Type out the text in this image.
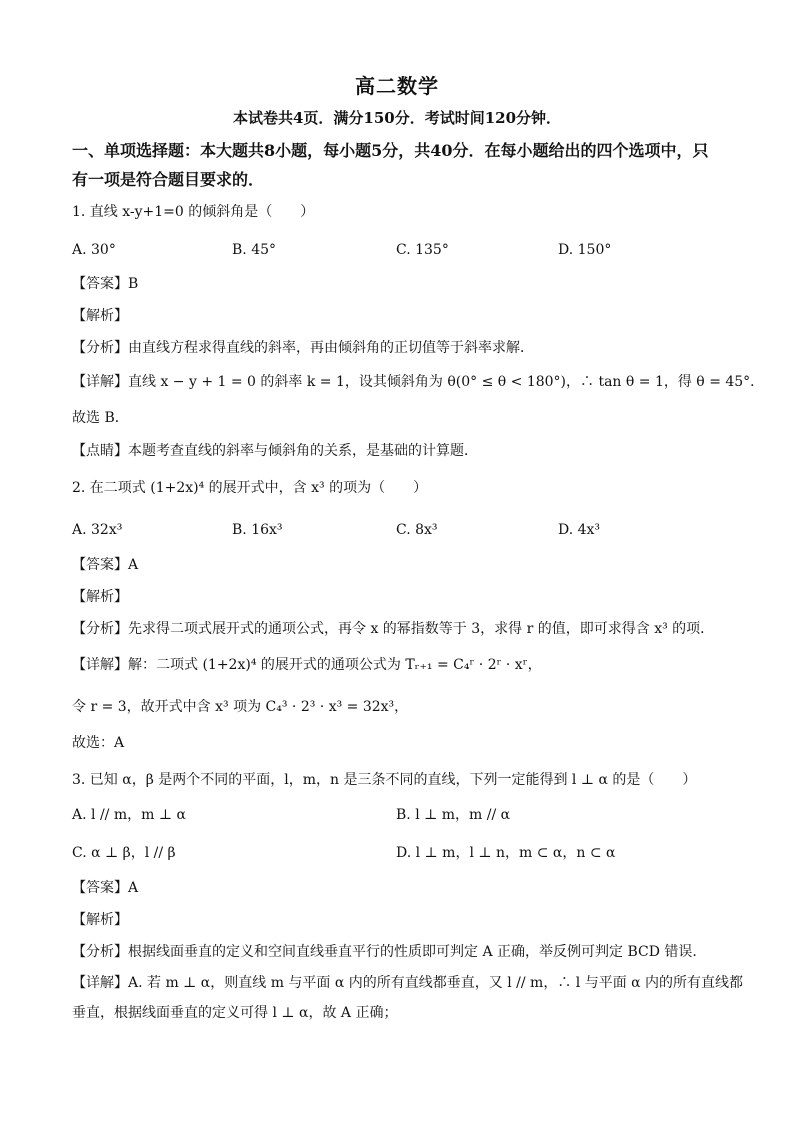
高二数学
本试卷共4页．满分150分．考试时间120分钟．
一、单项选择题：本大题共8小题，每小题5分，共40分．在每小题给出的四个选项中，只
有一项是符合题目要求的．
1. 直线 x-y+1=0 的倾斜角是（　　）
A. 30°	B. 45°	C. 135°	D. 150°
【答案】B
【解析】
【分析】由直线方程求得直线的斜率，再由倾斜角的正切值等于斜率求解．
【详解】直线 x − y + 1 = 0 的斜率 k = 1，设其倾斜角为 θ(0° ≤ θ < 180°)，∴ tan θ = 1，得 θ = 45°．
故选 B．
【点睛】本题考查直线的斜率与倾斜角的关系，是基础的计算题．
2. 在二项式 (1+2x)⁴ 的展开式中，含 x³ 的项为（　　）
A. 32x³	B. 16x³	C. 8x³	D. 4x³
【答案】A
【解析】
【分析】先求得二项式展开式的通项公式，再令 x 的幂指数等于 3，求得 r 的值，即可求得含 x³ 的项．
【详解】解：二项式 (1+2x)⁴ 的展开式的通项公式为 Tᵣ₊₁ = C₄ʳ · 2ʳ · xʳ，
令 r = 3，故开式中含 x³ 项为 C₄³ · 2³ · x³ = 32x³，
故选：A
3. 已知 α，β 是两个不同的平面，l，m，n 是三条不同的直线，下列一定能得到 l ⊥ α 的是（　　）
A. l // m，m ⊥ α	B. l ⊥ m，m // α
C. α ⊥ β，l // β	D. l ⊥ m，l ⊥ n，m ⊂ α，n ⊂ α
【答案】A
【解析】
【分析】根据线面垂直的定义和空间直线垂直平行的性质即可判定 A 正确，举反例可判定 BCD 错误.
【详解】A. 若 m ⊥ α，则直线 m 与平面 α 内的所有直线都垂直，又 l // m，∴ l 与平面 α 内的所有直线都
垂直，根据线面垂直的定义可得 l ⊥ α，故 A 正确；
